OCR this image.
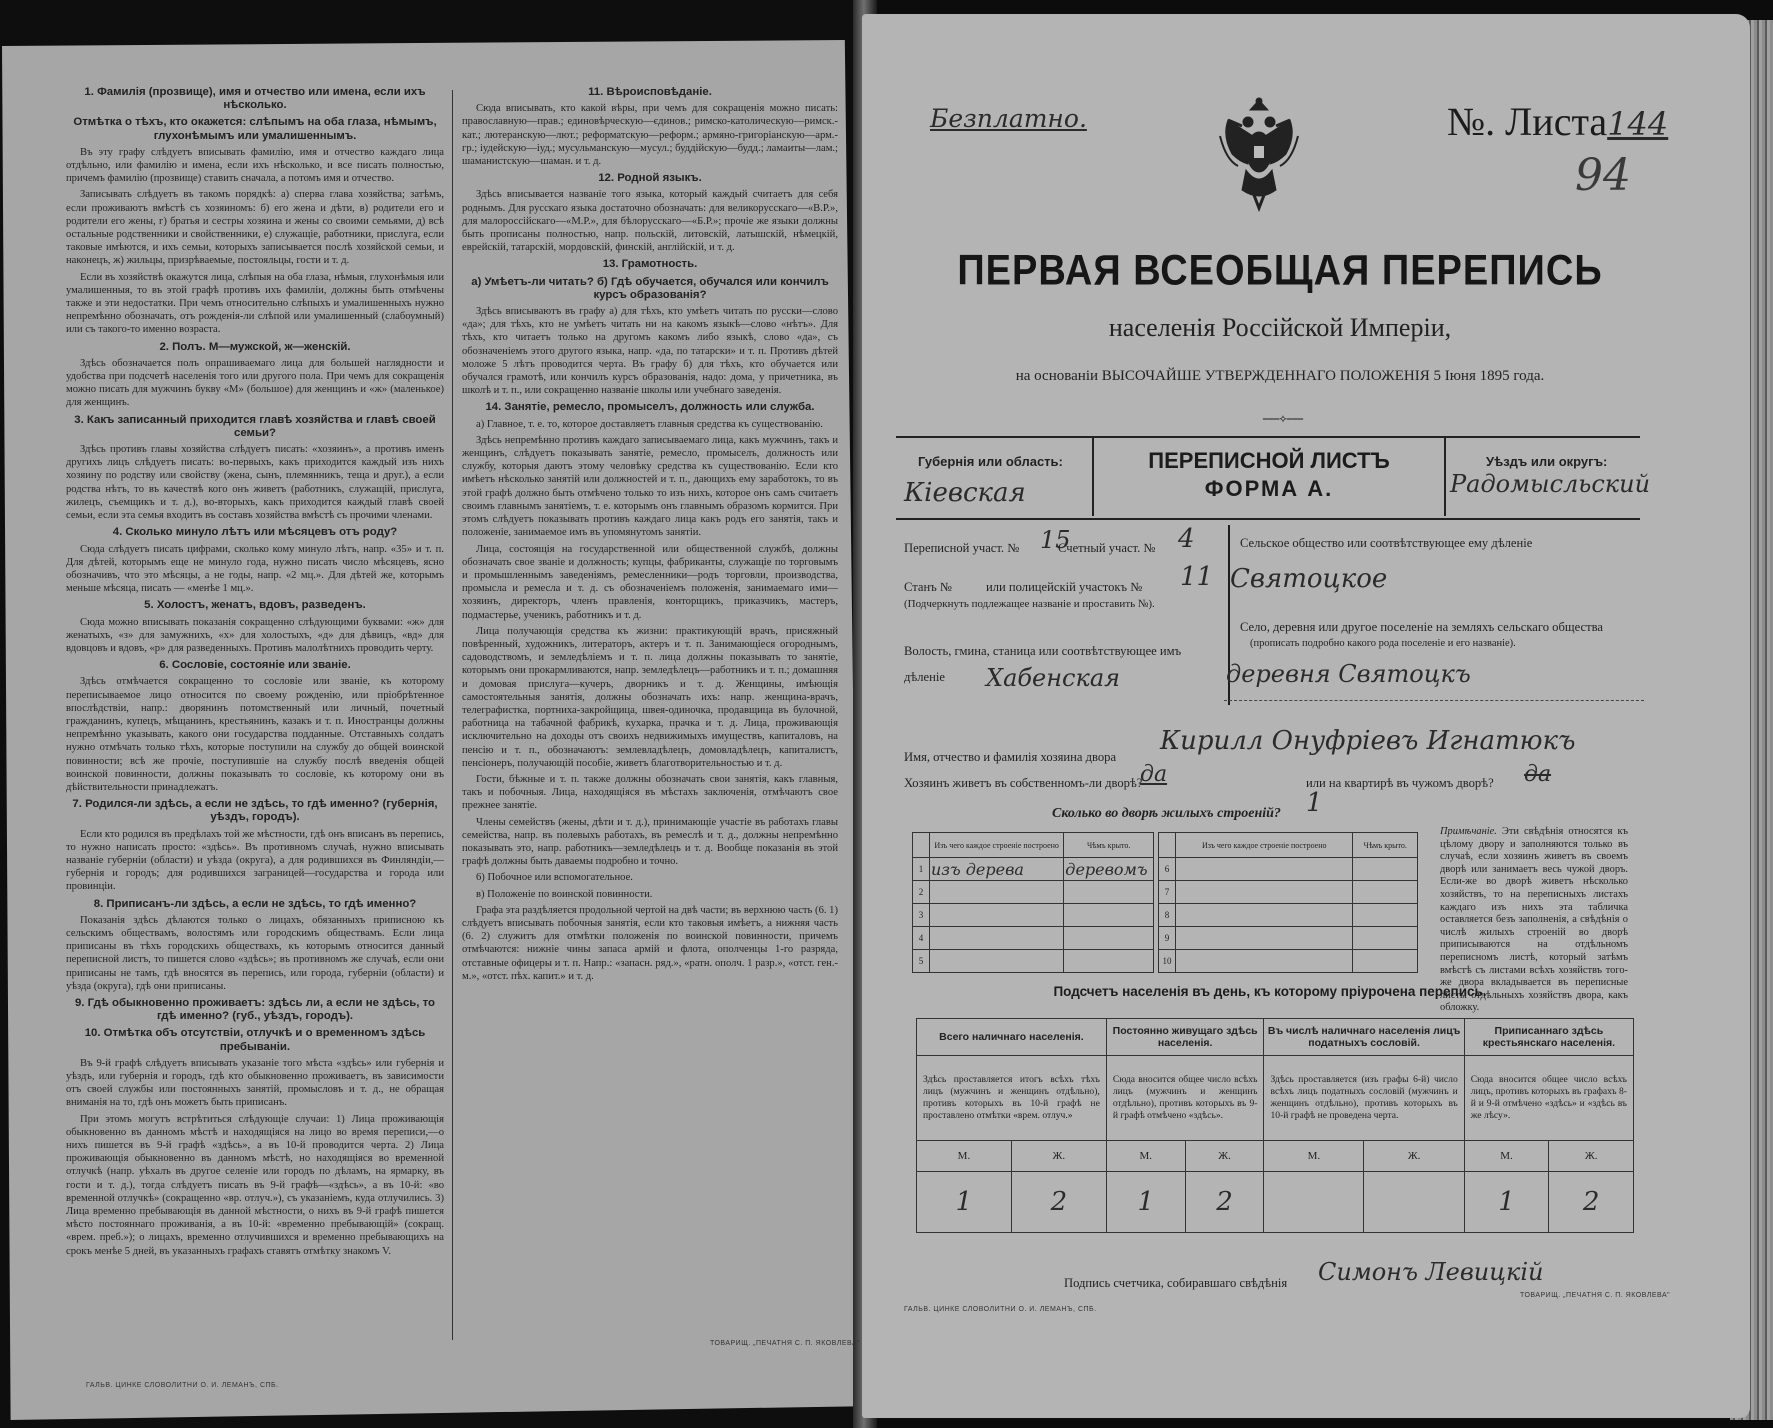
1. Фамилія (прозвище), имя и отчество или имена, если ихъ нѣсколько.
Отмѣтка о тѣхъ, кто окажется: слѣпымъ на оба глаза, нѣмымъ, глухонѣмымъ или умалишеннымъ.

Въ эту графу слѣдуетъ вписывать фамилію, имя и отчество каждаго лица отдѣльно, или фамилію и имена, если ихъ нѣсколько, и все писать полностью, причемъ фамилію (прозвище) ставить сначала, а потомъ имя и отчество.

Записывать слѣдуетъ въ такомъ порядкѣ: а) сперва глава хозяйства; затѣмъ, если проживаютъ вмѣстѣ съ хозяиномъ: б) его жена и дѣти, в) родители его и родители его жены, г) братья и сестры хозяина и жены со своими семьями, д) всѣ остальные родственники и свойственники, е) служащіе, работники, прислуга, если таковые имѣются, и ихъ семьи, которыхъ записывается послѣ хозяйской семьи, и наконецъ, ж) жильцы, призрѣваемые, постояльцы, гости и т. д.

Если въ хозяйствѣ окажутся лица, слѣпыя на оба глаза, нѣмыя, глухонѣмыя или умалишенныя, то въ этой графѣ противъ ихъ фамиліи, должны быть отмѣчены также и эти недостатки. При чемъ относительно слѣпыхъ и умалишенныхъ нужно непремѣнно обозначать, отъ рожденія-ли слѣпой или умалишенный (слабоумный) или съ такого-то именно возраста.

2. Полъ. М—мужской, ж—женскій.

Здѣсь обозначается полъ опрашиваемаго лица для большей наглядности и удобства при подсчетѣ населенія того или другого пола. При чемъ для сокращенія можно писать для мужчинъ букву «М» (большое) для женщинъ и «ж» (маленькое) для женщинъ.

3. Какъ записанный приходится главѣ хозяйства и главѣ своей семьи?

Здѣсь противъ главы хозяйства слѣдуетъ писать: «хозяинъ», а противъ именъ другихъ лицъ слѣдуетъ писать: во-первыхъ, какъ приходится каждый изъ нихъ хозяину по родству или свойству (жена, сынъ, племянникъ, теща и друг.), а если родства нѣтъ, то въ качествѣ кого онъ живетъ (работникъ, служащій, прислуга, жилецъ, съемщикъ и т. д.), во-вторыхъ, какъ приходится каждый главѣ своей семьи, если эта семья входитъ въ составъ хозяйства вмѣстѣ съ прочими членами.

4. Сколько минуло лѣтъ или мѣсяцевъ отъ роду?

Сюда слѣдуетъ писать цифрами, сколько кому минуло лѣтъ, напр. «35» и т. п. Для дѣтей, которымъ еще не минуло года, нужно писать число мѣсяцевъ, ясно обозначивъ, что это мѣсяцы, а не годы, напр. «2 мц.». Для дѣтей же, которымъ меньше мѣсяца, писать — «менѣе 1 мц.».

5. Холостъ, женатъ, вдовъ, разведенъ.

Сюда можно вписывать показанія сокращенно слѣдующими буквами: «ж» для женатыхъ, «з» для замужнихъ, «х» для холостыхъ, «д» для дѣвицъ, «вд» для вдовцовъ и вдовъ, «р» для разведенныхъ. Противъ малолѣтнихъ проводить черту.

6. Сословіе, состояніе или званіе.

Здѣсь отмѣчается сокращенно то сословіе или званіе, къ которому переписываемое лицо относится по своему рожденію, или пріобрѣтенное впослѣдствіи, напр.: дворянинъ потомственный или личный, почетный гражданинъ, купецъ, мѣщанинъ, крестьянинъ, казакъ и т. п. Иностранцы должны непремѣнно указывать, какого они государства подданные. Отставныхъ солдатъ нужно отмѣчать только тѣхъ, которые поступили на службу до общей воинской повинности; всѣ же прочіе, поступившіе на службу послѣ введенія общей воинской повинности, должны показывать то сословіе, къ которому они въ дѣйствительности принадлежатъ.

7. Родился-ли здѣсь, а если не здѣсь, то гдѣ именно? (губернія, уѣздъ, городъ).

Если кто родился въ предѣлахъ той же мѣстности, гдѣ онъ вписанъ въ перепись, то нужно написать просто: «здѣсь». Въ противномъ случаѣ, нужно вписывать названіе губерніи (области) и уѣзда (округа), а для родившихся въ Финляндіи,—губернія и городъ; для родившихся заграницей—государства и города или провинціи.

8. Приписанъ-ли здѣсь, а если не здѣсь, то гдѣ именно?

Показанія здѣсь дѣлаются только о лицахъ, обязанныхъ приписною къ сельскимъ обществамъ, волостямъ или городскимъ обществамъ. Если лица приписаны въ тѣхъ городскихъ обществахъ, къ которымъ относится данный переписной листъ, то пишется слово «здѣсь»; въ противномъ же случаѣ, если они приписаны не тамъ, гдѣ вносятся въ перепись, или города, губерніи (области) и уѣзда (округа), гдѣ они приписаны.

9. Гдѣ обыкновенно проживаетъ: здѣсь ли, а если не здѣсь, то гдѣ именно? (губ., уѣздъ, городъ).
10. Отмѣтка объ отсутствіи, отлучкѣ и о временномъ здѣсь пребываніи.

Въ 9-й графѣ слѣдуетъ вписывать указаніе того мѣста «здѣсь» или губернія и уѣздъ, или губернія и городъ, гдѣ кто обыкновенно проживаетъ, въ зависимости отъ своей службы или постоянныхъ занятій, промысловъ и т. д., не обращая вниманія на то, гдѣ онъ можетъ быть приписанъ.

При этомъ могутъ встрѣтиться слѣдующіе случаи: 1) Лица проживающія обыкновенно въ данномъ мѣстѣ и находящіяся на лицо во время переписи,—о нихъ пишется въ 9-й графѣ «здѣсь», а въ 10-й проводится черта. 2) Лица проживающія обыкновенно въ данномъ мѣстѣ, но находящіяся во временной отлучкѣ (напр. уѣхалъ въ другое селеніе или городъ по дѣламъ, на ярмарку, въ гости и т. д.), тогда слѣдуетъ писать въ 9-й графѣ—«здѣсь», а въ 10-й: «во временной отлучкѣ» (сокращенно «вр. отлуч.»), съ указаніемъ, куда отлучились. 3) Лица временно пребывающія въ данной мѣстности, о нихъ въ 9-й графѣ пишется мѣсто постояннаго проживанія, а въ 10-й: «временно пребывающій» (сокращ. «врем. преб.»); о лицахъ, временно отлучившихся и временно пребывающихъ на срокъ менѣе 5 дней, въ указанныхъ графахъ ставятъ отмѣтку знакомъ V.

11. Вѣроисповѣданіе.

Сюда вписывать, кто какой вѣры, при чемъ для сокращенія можно писать: православную—прав.; единовѣрческую—єдинов.; римско-католическую—римск.-кат.; лютеранскую—лют.; реформатскую—реформ.; армяно-григоріанскую—арм.-гр.; іудейскую—іуд.; мусульманскую—мусул.; буддійскую—будд.; ламаиты—лам.; шаманистскую—шаман. и т. д.

12. Родной языкъ.

Здѣсь вписывается названіе того языка, который каждый считаетъ для себя роднымъ. Для русскаго языка достаточно обозначать: для великорусскаго—«В.Р.», для малороссійскаго—«М.Р.», для бѣлорусскаго—«Б.Р.»; прочіе же языки должны быть прописаны полностью, напр. польскій, литовскій, латышскій, нѣмецкій, еврейскій, татарскій, мордовскій, финскій, англійскій, и т. д.

13. Грамотность.
а) Умѣетъ-ли читать? б) Гдѣ обучается, обучался или кончилъ курсъ образованія?

Здѣсь вписываютъ въ графу а) для тѣхъ, кто умѣетъ читать по русски—слово «да»; для тѣхъ, кто не умѣетъ читать ни на какомъ языкѣ—слово «нѣтъ». Для тѣхъ, кто читаетъ только на другомъ какомъ либо языкѣ, слово «да», съ обозначеніемъ этого другого языка, напр. «да, по татарски» и т. п. Противъ дѣтей моложе 5 лѣтъ проводится черта. Въ графу б) для тѣхъ, кто обучается или обучался грамотѣ, или кончилъ курсъ образованія, надо: дома, у причетника, въ школѣ и т. п., или сокращенно названіе школы или учебнаго заведенія.

14. Занятіе, ремесло, промыселъ, должность или служба.

а) Главное, т. е. то, которое доставляетъ главныя средства къ существованію.

Здѣсь непремѣнно противъ каждаго записываемаго лица, какъ мужчинъ, такъ и женщинъ, слѣдуетъ показывать занятіе, ремесло, промыселъ, должность или службу, которыя даютъ этому человѣку средства къ существованію. Если кто имѣетъ нѣсколько занятій или должностей и т. п., дающихъ ему заработокъ, то въ этой графѣ должно быть отмѣчено только то изъ нихъ, которое онъ самъ считаетъ своимъ главнымъ занятіемъ, т. е. которымъ онъ главнымъ образомъ кормится. При этомъ слѣдуетъ показывать противъ каждаго лица какъ родъ его занятія, такъ и положеніе, занимаемое имъ въ упомянутомъ занятіи.

Лица, состоящія на государственной или общественной службѣ, должны обозначать свое званіе и должность; купцы, фабриканты, служащіе по торговымъ и промышленнымъ заведеніямъ, ремесленники—родъ торговли, производства, промысла и ремесла и т. д. съ обозначеніемъ положенія, занимаемаго ими—хозяинъ, директоръ, членъ правленія, конторщикъ, приказчикъ, мастеръ, подмастерье, ученикъ, работникъ и т. д.

Лица получающія средства къ жизни: практикующій врачъ, присяжный повѣренный, художникъ, литераторъ, актеръ и т. п. Занимающіеся огороднымъ, садоводствомъ, и земледѣліемъ и т. п. лица должны показывать то занятіе, которымъ они прокармливаются, напр. земледѣлецъ—работникъ и т. п.; домашняя и домовая прислуга—кучеръ, дворникъ и т. д. Женщины, имѣющія самостоятельныя занятія, должны обозначать ихъ: напр. женщина-врачъ, телеграфистка, портниха-закройщица, швея-одиночка, продавщица въ булочной, работница на табачной фабрикѣ, кухарка, прачка и т. д. Лица, проживающія исключительно на доходы отъ своихъ недвижимыхъ имуществъ, капиталовъ, на пенсію и т. п., обозначаютъ: землевладѣлецъ, домовладѣлецъ, капиталистъ, пенсіонеръ, получающій пособіе, живетъ благотворительностью и т. д.

Гости, бѣжные и т. п. также должны обозначать свои занятія, какъ главныя, такъ и побочныя. Лица, находящіяся въ мѣстахъ заключенія, отмѣчаютъ свое прежнее занятіе.

Члены семействъ (жены, дѣти и т. д.), принимающіе участіе въ работахъ главы семейства, напр. въ полевыхъ работахъ, въ ремеслѣ и т. д., должны непремѣнно показывать это, напр. работникъ—земледѣлецъ и т. д. Вообще показанія въ этой графѣ должны быть даваемы подробно и точно.

6) Побочное или вспомогательное.

в) Положеніе по воинской повинности.

Графа эта раздѣляется продольной чертой на двѣ части; въ верхнюю часть (6. 1) слѣдуетъ вписывать побочныя занятія, если кто таковыя имѣетъ, а нижняя часть (6. 2) служитъ для отмѣтки положенія по воинской повинности, причемъ отмѣчаются: нижніе чины запаса армій и флота, ополченцы 1-го разряда, отставные офицеры и т. п. Напр.: «запасн. ряд.», «ратн. ополч. 1 разр.», «отст. ген.-м.», «отст. пѣх. капит.» и т. д.

ГАЛЬВ. ЦИНКЕ СЛОВОЛИТНИ О. И. ЛЕМАНЪ, СПБ.
ТОВАРИЩ. „ПЕЧАТНЯ С. П. ЯКОВЛЕВА"
Безплатно.	№. Листа144
94
ПЕРВАЯ ВСЕОБЩАЯ ПЕРЕПИСЬ
населенія Россійской Имперіи,
на основаніи ВЫСОЧАЙШЕ УТВЕРЖДЕННАГО ПОЛОЖЕНІЯ 5 Іюня 1895 года.
⎯⎯⎯⟡⎯⎯⎯
Губернія или область:
Кіевская
ПЕРЕПИСНОЙ ЛИСТЪ
ФОРМА А.
Уѣздъ или округъ:
Радомысльский
Переписной участ. № 15
Счетный участ. № 4
Станъ №	или полицейскій участокъ № 11
(Подчеркнуть подлежащее названіе и проставить №).
Волость, гмина, станица или соотвѣтствующее имъ дѣленіе	Хабенская
Сельское общество или соотвѣтствующее ему дѣленіе
Святоцкое
Село, деревня или другое поселеніе на земляхъ сельскаго общества
(прописать подробно какого рода поселеніе и его названіе).
деревня Святоцкъ
Имя, отчество и фамилія хозяина двора
Кирилл Онуфріевъ Игнатюкъ
Хозяинъ живетъ въ собственномъ-ли дворѣ?
да	или на квартирѣ въ чужомъ дворѣ? да
Сколько во дворѣ жилыхъ строеній? 1
	Изъ чего каждое строеніе построено	Чѣмъ крыто.
1	изъ дерева	деревомъ
2		
3		
4		
5		
	Изъ чего каждое строеніе построено	Чѣмъ крыто.
6		
7		
8		
9		
10		
Примѣчаніе. Эти свѣдѣнія относятся къ цѣлому двору и заполняются только въ случаѣ, если хозяинъ живетъ въ своемъ дворѣ или занимаетъ весь чужой дворъ. Если-же во дворѣ живетъ нѣсколько хозяйствъ, то на переписныхъ листахъ каждаго изъ нихъ эта табличка оставляется безъ заполненія, а свѣдѣнія о числѣ жилыхъ строеній во дворѣ приписываются на отдѣльномъ переписномъ листѣ, который затѣмъ вмѣстѣ съ листами всѣхъ хозяйствъ того-же двора вкладывается въ переписные листы отдѣльныхъ хозяйствъ двора, какъ обложку.
Подсчетъ населенія въ день, къ которому пріурочена перепись.
Всего наличнаго населенія.		Постоянно живущаго здѣсь населенія.		Въ числѣ наличнаго населенія лицъ податныхъ сословій.		Приписаннаго здѣсь крестьянскаго населенія.	
Здѣсь проставляется итогъ всѣхъ тѣхъ лицъ (мужчинъ и женщинъ отдѣльно), противъ которыхъ въ 10-й графѣ не проставлено отмѣтки «врем. отлуч.»		Сюда вносится общее число всѣхъ лицъ (мужчинъ и женщинъ отдѣльно), противъ которыхъ въ 9-й графѣ отмѣчено «здѣсь».		Здѣсь проставляется (изъ графы 6-й) число всѣхъ лицъ податныхъ сословій (мужчинъ и женщинъ отдѣльно), противъ которыхъ въ 10-й графѣ не проведена черта.		Сюда вносится общее число всѣхъ лицъ, противъ которыхъ въ графахъ 8-й и 9-й отмѣчено «здѣсь» и «здѣсь въ же лѣсу».	
М.	Ж.	М.	Ж.	М.	Ж.	М.	Ж.
1	2	1	2			1	2
Подпись счетчика, собиравшаго свѣдѣнія Симонъ Левицкій
ГАЛЬВ. ЦИНКЕ СЛОВОЛИТНИ О. И. ЛЕМАНЪ, СПБ.
ТОВАРИЩ. „ПЕЧАТНЯ С. П. ЯКОВЛЕВА"
